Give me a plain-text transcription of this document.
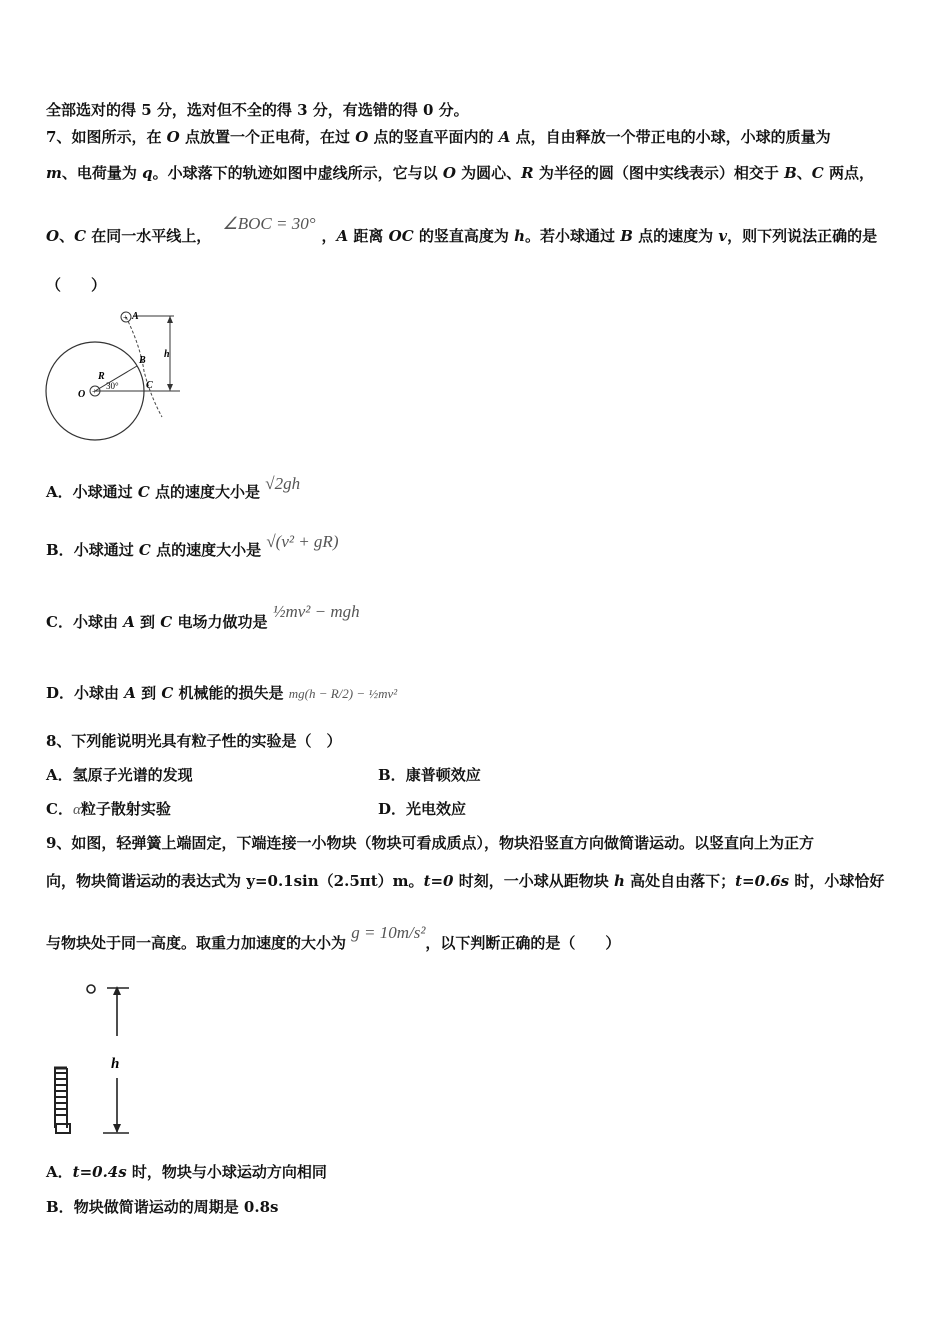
全部选对的得 5 分，选对但不全的得 3 分，有选错的得 0 分。
7、如图所示，在 O 点放置一个正电荷，在过 O 点的竖直平面内的 A 点，自由释放一个带正电的小球，小球的质量为
m、电荷量为 q。小球落下的轨迹如图中虚线所示，它与以 O 为圆心、R 为半径的圆（图中实线表示）相交于 B、C 两点，
O、C 在同一水平线上， ∠BOC = 30°，A 距离 OC 的竖直高度为 h。若小球通过 B 点的速度为 v，则下列说法正确的是
（　　）
+
+
A
B
C
O
R
30°
h
A．小球通过 C 点的速度大小是 √2gh
B．小球通过 C 点的速度大小是 √(v² + gR)
C．小球由 A 到 C 电场力做功是 ½mv² − mgh
D．小球由 A 到 C 机械能的损失是 mg(h − R/2) − ½mv²
8、下列能说明光具有粒子性的实验是（　）
A．氢原子光谱的发现	B．康普顿效应
C．α粒子散射实验	D．光电效应
9、如图，轻弹簧上端固定，下端连接一小物块（物块可看成质点），物块沿竖直方向做简谐运动。以竖直向上为正方
向，物块简谐运动的表达式为 y=0.1sin（2.5πt）m。t=0 时刻，一小球从距物块 h 高处自由落下；t=0.6s 时，小球恰好
与物块处于同一高度。取重力加速度的大小为 g = 10m/s²，以下判断正确的是（　　）
h
A．t=0.4s 时，物块与小球运动方向相同
B．物块做简谐运动的周期是 0.8s
